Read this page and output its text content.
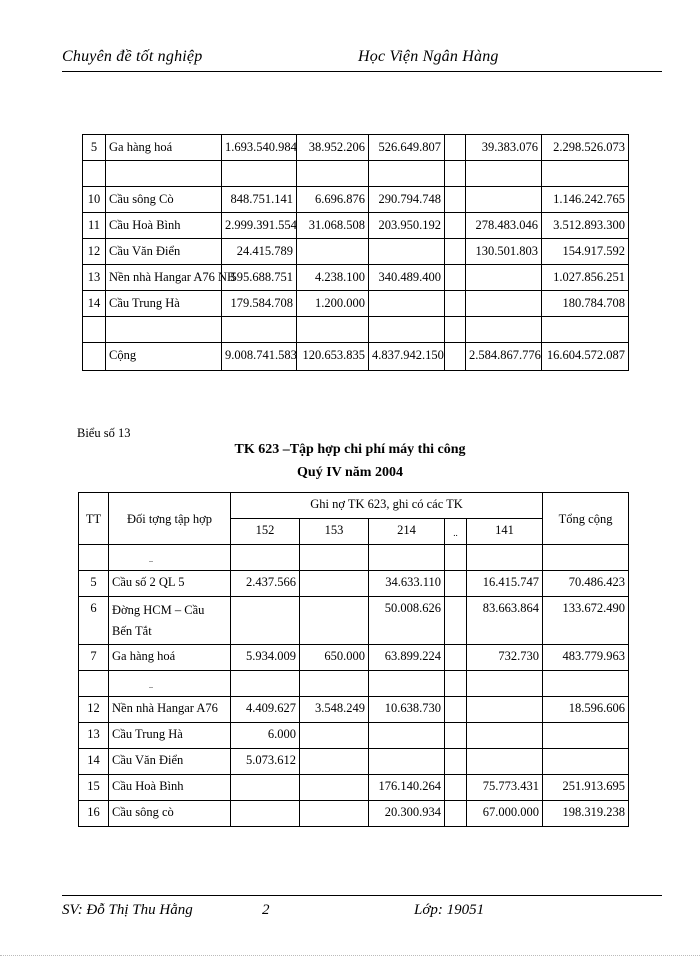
Chuyên đề tốt nghiệp	Học Viện Ngân Hàng
5	Ga hàng hoá	1.693.540.984	38.952.206	526.649.807		39.383.076	2.298.526.073

10	Cầu sông Cò	848.751.141	6.696.876	290.794.748			1.146.242.765
11	Cầu Hoà Bình	2.999.391.554	31.068.508	203.950.192		278.483.046	3.512.893.300
12	Cầu Văn Điển	24.415.789				130.501.803	154.917.592
13	Nền nhà Hangar A76 NB	595.688.751	4.238.100	340.489.400			1.027.856.251
14	Cầu Trung Hà	179.584.708	1.200.000				180.784.708

	Cộng	9.008.741.583	120.653.835	4.837.942.150		2.584.867.776	16.604.572.087
Biểu số 13
TK 623 –Tập hợp chi phí máy thi công
Quý IV năm 2004
TT	Đối tợng tập hợp	Ghi nợ TK 623, ghi có các TK					Tổng cộng
		152	153	214	..	141	
	..						
5	Cầu số 2 QL 5	2.437.566		34.633.110		16.415.747	70.486.423
6	Đờng HCM – Cầu Bến Tắt			50.008.626		83.663.864	133.672.490
7	Ga hàng hoá	5.934.009	650.000	63.899.224		732.730	483.779.963
	..						
12	Nền nhà Hangar A76	4.409.627	3.548.249	10.638.730			18.596.606
13	Cầu Trung Hà	6.000					
14	Cầu Văn Điển	5.073.612					
15	Cầu Hoà Bình			176.140.264		75.773.431	251.913.695
16	Cầu sông cò			20.300.934		67.000.000	198.319.238
SV: Đỗ Thị Thu Hằng	2	Lớp: 19051
